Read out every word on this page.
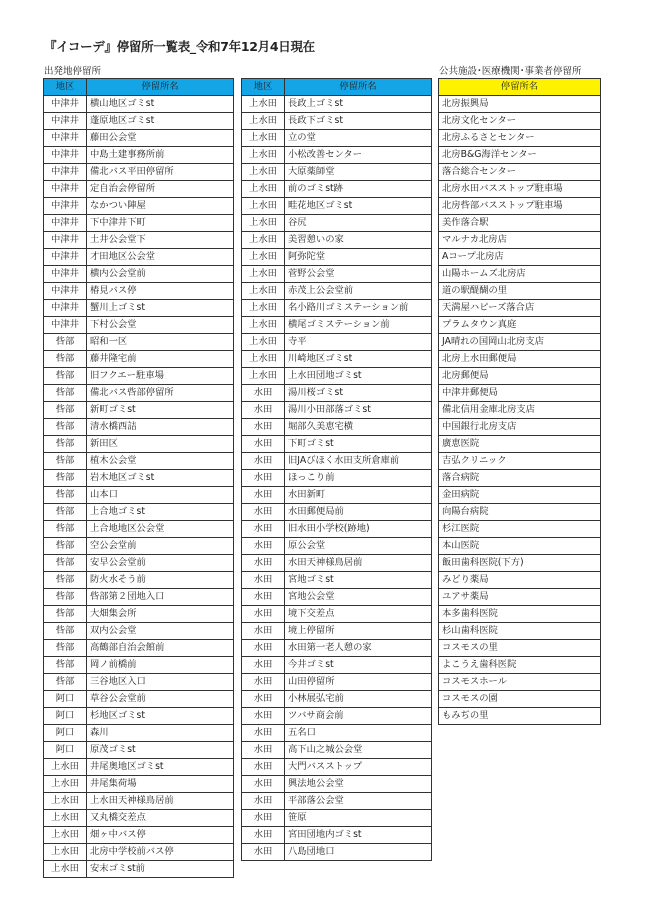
『イコーデ』停留所一覧表_令和7年12月4日現在
出発地停留所	公共施設･医療機関･事業者停留所
地区	停留所名
中津井	横山地区ゴミst
中津井	蓬原地区ゴミst
中津井	藤田公会堂
中津井	中島土建事務所前
中津井	備北バス平田停留所
中津井	定自治会停留所
中津井	なかつい陣屋
中津井	下中津井下町
中津井	土井公会堂下
中津井	才田地区公会堂
中津井	横内公会堂前
中津井	椿見バス停
中津井	蟹川上ゴミst
中津井	下村公会堂
呰部	昭和一区
呰部	藤井隆宅前
呰部	旧フクエー駐車場
呰部	備北バス呰部停留所
呰部	新町ゴミst
呰部	清水橋西詰
呰部	新田区
呰部	植木公会堂
呰部	岩木地区ゴミst
呰部	山本口
呰部	上合地ゴミst
呰部	上合地地区公会堂
呰部	空公会堂前
呰部	安早公会堂前
呰部	防火水そう前
呰部	呰部第２団地入口
呰部	大畑集会所
呰部	双内公会堂
呰部	高鶴部自治会館前
呰部	岡ノ前橋前
呰部	三谷地区入口
阿口	草谷公会堂前
阿口	杉地区ゴミst
阿口	森川
阿口	原茂ゴミst
上水田	井尾奥地区ゴミst
上水田	井尾集荷場
上水田	上水田天神様鳥居前
上水田	又丸橋交差点
上水田	畑ヶ中バス停
上水田	北房中学校前バス停
上水田	安末ゴミst前
地区	停留所名
上水田	長政上ゴミst
上水田	長政下ゴミst
上水田	立の堂
上水田	小松改善センター
上水田	大原薬師堂
上水田	前のゴミst跡
上水田	畦花地区ゴミst
上水田	谷尻
上水田	美習憩いの家
上水田	阿弥陀堂
上水田	菅野公会堂
上水田	赤茂上公会堂前
上水田	名小路川ゴミステーション前
上水田	横尾ゴミステーション前
上水田	寺平
上水田	川崎地区ゴミst
上水田	上水田団地ゴミst
水田	湯川桜ゴミst
水田	湯川小田部落ゴミst
水田	堀部久美恵宅横
水田	下町ゴミst
水田	旧JAびほく水田支所倉庫前
水田	ほっこり前
水田	水田新町
水田	水田郵便局前
水田	旧水田小学校(跡地)
水田	原公会堂
水田	水田天神様鳥居前
水田	宮地ゴミst
水田	宮地公会堂
水田	境下交差点
水田	境上停留所
水田	水田第一老人憩の家
水田	今井ゴミst
水田	山田停留所
水田	小林展弘宅前
水田	ツバサ商会前
水田	五名口
水田	高下山之城公会堂
水田	大門バスストップ
水田	興法地公会堂
水田	平部落公会堂
水田	笹原
水田	宮田団地内ゴミst
水田	八島団地口
停留所名
北房振興局
北房文化センター
北房ふるさとセンター
北房B&G海洋センター
落合総合センター
北房水田バスストップ駐車場
北房呰部バスストップ駐車場
美作落合駅
マルナカ北房店
Aコープ北房店
山陽ホームズ北房店
道の駅醍醐の里
天満屋ハピーズ落合店
プラムタウン真庭
JA晴れの国岡山北房支店
北房上水田郵便局
北房郵便局
中津井郵便局
備北信用金庫北房支店
中国銀行北房支店
廣恵医院
吉弘クリニック
落合病院
金田病院
向陽台病院
杉江医院
本山医院
飯田歯科医院(下方)
みどり薬局
ユアサ薬局
本多歯科医院
杉山歯科医院
コスモスの里
よこうえ歯科医院
コスモスホール
コスモスの園
もみぢの里
